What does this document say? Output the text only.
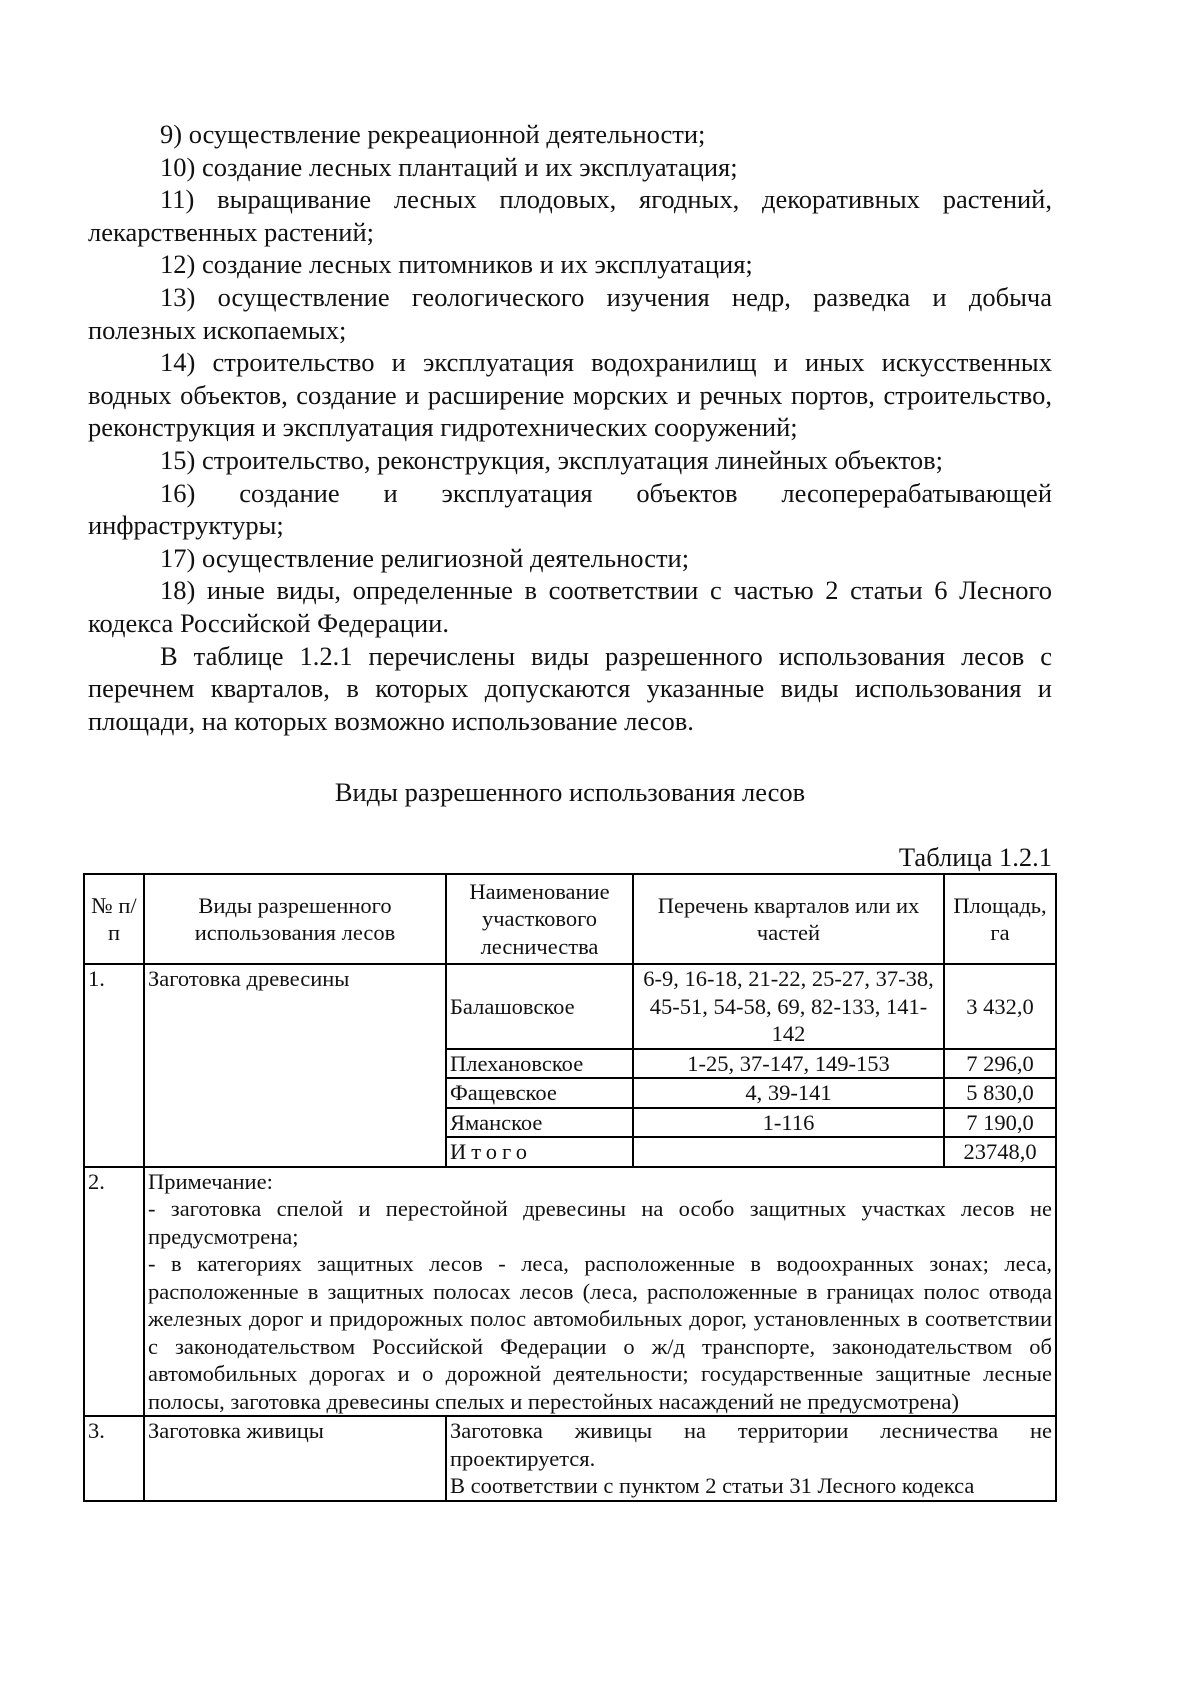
9) осуществление рекреационной деятельности;

10) создание лесных плантаций и их эксплуатация;

11) выращивание лесных плодовых, ягодных, декоративных растений, лекарственных растений;

12) создание лесных питомников и их эксплуатация;

13) осуществление геологического изучения недр, разведка и добыча полезных ископаемых;

14) строительство и эксплуатация водохранилищ и иных искусственных водных объектов, создание и расширение морских и речных портов, строительство, реконструкция и эксплуатация гидротехнических сооружений;

15) строительство, реконструкция, эксплуатация линейных объектов;

16) создание и эксплуатация объектов лесоперерабатывающей инфраструктуры;

17) осуществление религиозной деятельности;

18) иные виды, определенные в соответствии с частью 2 статьи 6 Лесного кодекса Российской Федерации.

В таблице 1.2.1 перечислены виды разрешенного использования лесов с перечнем кварталов, в которых допускаются указанные виды использования и площади, на которых возможно использование лесов.

Виды разрешенного использования лесов
Таблица 1.2.1
№ п/п	Виды разрешенного использования лесов	Наименование участкового лесничества	Перечень кварталов или их частей	Площадь, га
1.	Заготовка древесины	Балашовское	6-9, 16-18, 21-22, 25-27, 37-38, 45-51, 54-58, 69, 82-133, 141-142	3 432,0
		Плехановское	1-25, 37-147, 149-153	7 296,0
		Фащевское	4, 39-141	5 830,0
		Яманское	1-116	7 190,0
		Итого		23748,0
2.	Примечание:

- заготовка спелой и перестойной древесины на особо защитных участках лесов не предусмотрена;

- в категориях защитных лесов - леса, расположенные в водоохранных зонах; леса, расположенные в защитных полосах лесов (леса, расположенные в границах полос отвода железных дорог и придорожных полос автомобильных дорог, установленных в соответствии с законодательством Российской Федерации о ж/д транспорте, законодательством об автомобильных дорогах и о дорожной деятельности; государственные защитные лесные полосы, заготовка древесины спелых и перестойных насаждений не предусмотрена)			

3.	Заготовка живицы	Заготовка живицы на территории лесничества не проектируется.

В соответствии с пунктом 2 статьи 31 Лесного кодекса		
